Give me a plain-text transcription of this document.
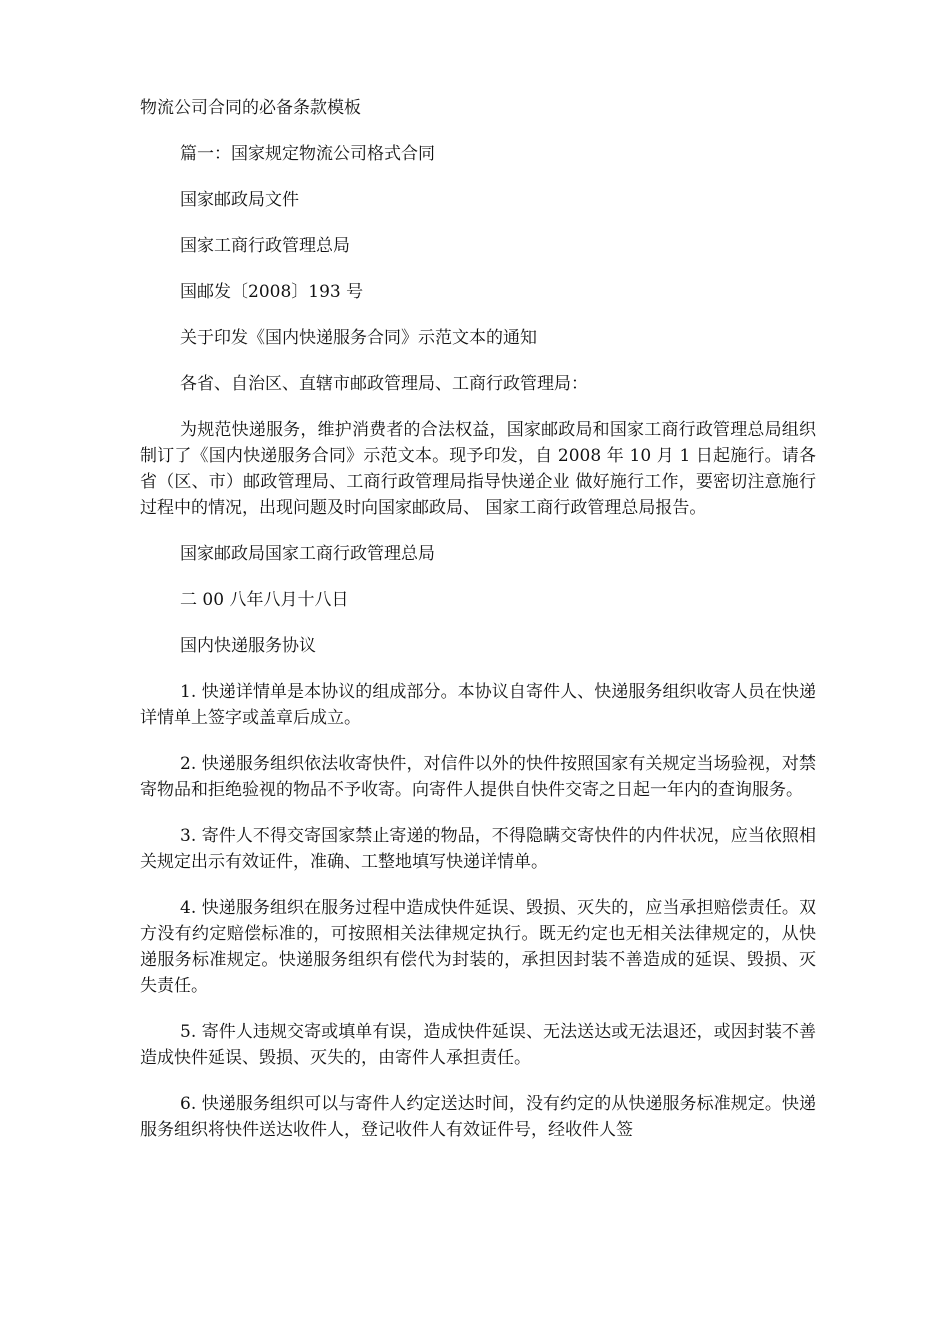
物流公司合同的必备条款模板
篇一：国家规定物流公司格式合同
国家邮政局文件
国家工商行政管理总局
国邮发〔2008〕193 号
关于印发《国内快递服务合同》示范文本的通知
各省、自治区、直辖市邮政管理局、工商行政管理局：
为规范快递服务，维护消费者的合法权益，国家邮政局和国家工商行政管理总局组织制订了《国内快递服务合同》示范文本。现予印发，自 2008 年 10 月 1 日起施行。请各省（区、市）邮政管理局、工商行政管理局指导快递企业 做好施行工作，要密切注意施行过程中的情况，出现问题及时向国家邮政局、 国家工商行政管理总局报告。
国家邮政局国家工商行政管理总局
二 00 八年八月十八日
国内快递服务协议
1. 快递详情单是本协议的组成部分。本协议自寄件人、快递服务组织收寄人员在快递详情单上签字或盖章后成立。
2. 快递服务组织依法收寄快件，对信件以外的快件按照国家有关规定当场验视，对禁寄物品和拒绝验视的物品不予收寄。向寄件人提供自快件交寄之日起一年内的查询服务。
3. 寄件人不得交寄国家禁止寄递的物品，不得隐瞒交寄快件的内件状况，应当依照相关规定出示有效证件，准确、工整地填写快递详情单。
4. 快递服务组织在服务过程中造成快件延误、毁损、灭失的，应当承担赔偿责任。双方没有约定赔偿标准的，可按照相关法律规定执行。既无约定也无相关法律规定的，从快递服务标准规定。快递服务组织有偿代为封装的，承担因封装不善造成的延误、毁损、灭失责任。
5. 寄件人违规交寄或填单有误，造成快件延误、无法送达或无法退还，或因封装不善造成快件延误、毁损、灭失的，由寄件人承担责任。
6. 快递服务组织可以与寄件人约定送达时间，没有约定的从快递服务标准规定。快递服务组织将快件送达收件人，登记收件人有效证件号，经收件人签
